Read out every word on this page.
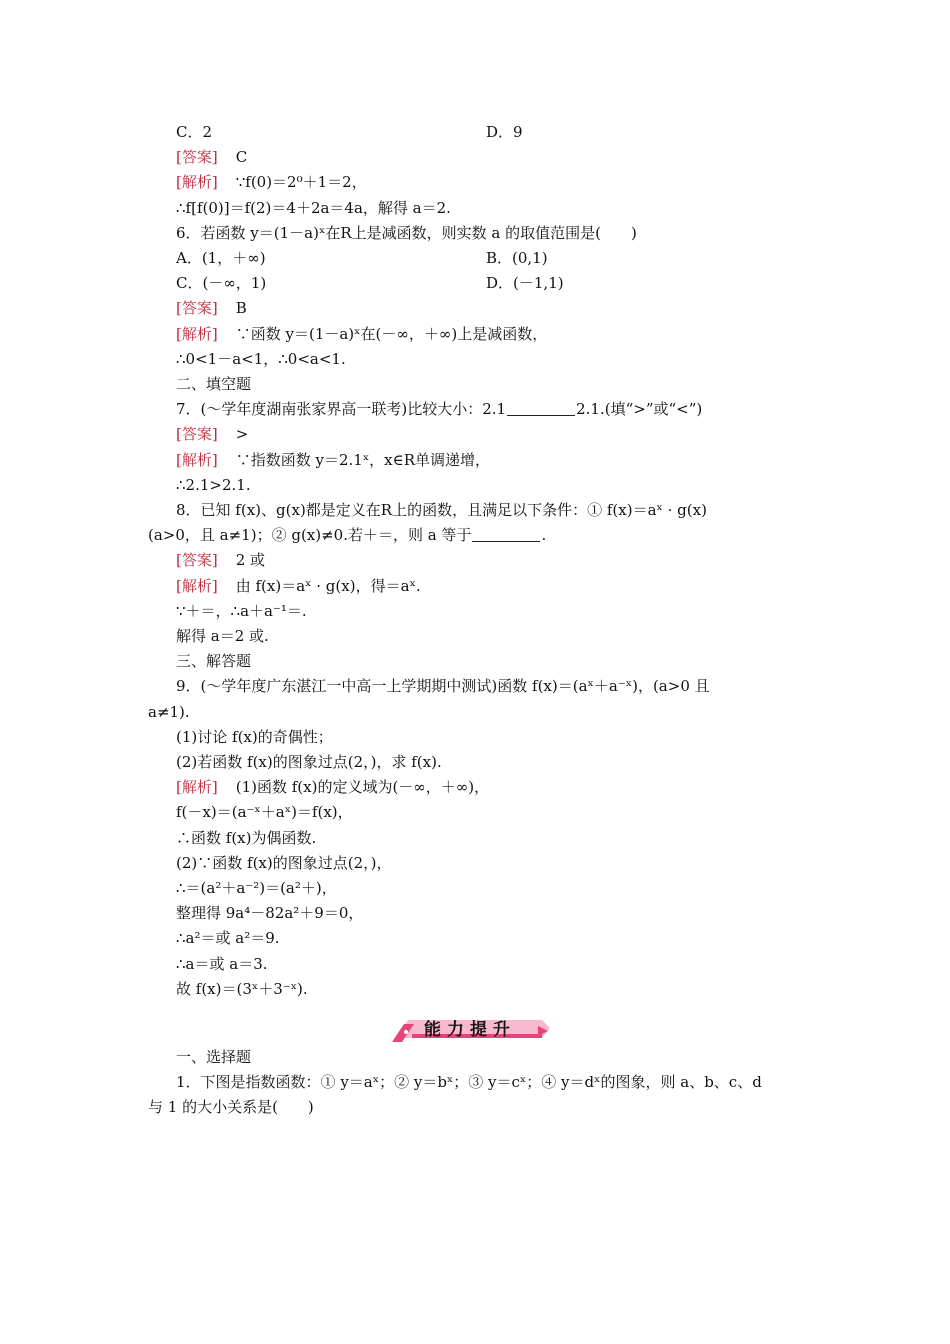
C．2	D．9
[答案] C
[解析] ∵f(0)＝2⁰＋1＝2，
∴f[f(0)]＝f(2)＝4＋2a＝4a，解得 a＝2.
6．若函数 y＝(1－a)ˣ在R上是减函数，则实数 a 的取值范围是(　　)
A．(1，＋∞)	B．(0,1)
C．(－∞，1)	D．(－1,1)
[答案] B
[解析] ∵函数 y＝(1－a)ˣ在(－∞，＋∞)上是减函数，
∴0<1－a<1，∴0<a<1.
二、填空题
7．(～学年度湖南张家界高一联考)比较大小：2.1	2.1.(填“>”或“<”)
[答案] >
[解析] ∵指数函数 y＝2.1ˣ，x∈R单调递增，
∴2.1>2.1.
8．已知 f(x)、g(x)都是定义在R上的函数，且满足以下条件：① f(x)＝aˣ · g(x)
(a>0，且 a≠1)；② g(x)≠0.若＋＝，则 a 等于	.
[答案] 2 或
[解析] 由 f(x)＝aˣ · g(x)，得＝aˣ.
∵＋＝，∴a＋a⁻¹＝.
解得 a＝2 或.
三、解答题
9．(～学年度广东湛江一中高一上学期期中测试)函数 f(x)＝(aˣ＋a⁻ˣ)，(a>0 且
a≠1).
(1)讨论 f(x)的奇偶性；
(2)若函数 f(x)的图象过点(2，)，求 f(x).
[解析] (1)函数 f(x)的定义域为(－∞，＋∞)，
f(－x)＝(a⁻ˣ＋aˣ)＝f(x)，
∴函数 f(x)为偶函数.
(2)∵函数 f(x)的图象过点(2，)，
∴＝(a²＋a⁻²)＝(a²＋)，
整理得 9a⁴－82a²＋9＝0，
∴a²＝或 a²＝9.
∴a＝或 a＝3.
故 f(x)＝(3ˣ＋3⁻ˣ).
能力提升
一、选择题
1．下图是指数函数：① y＝aˣ；② y＝bˣ；③ y＝cˣ；④ y＝dˣ的图象，则 a、b、c、d
与 1 的大小关系是(　　)
